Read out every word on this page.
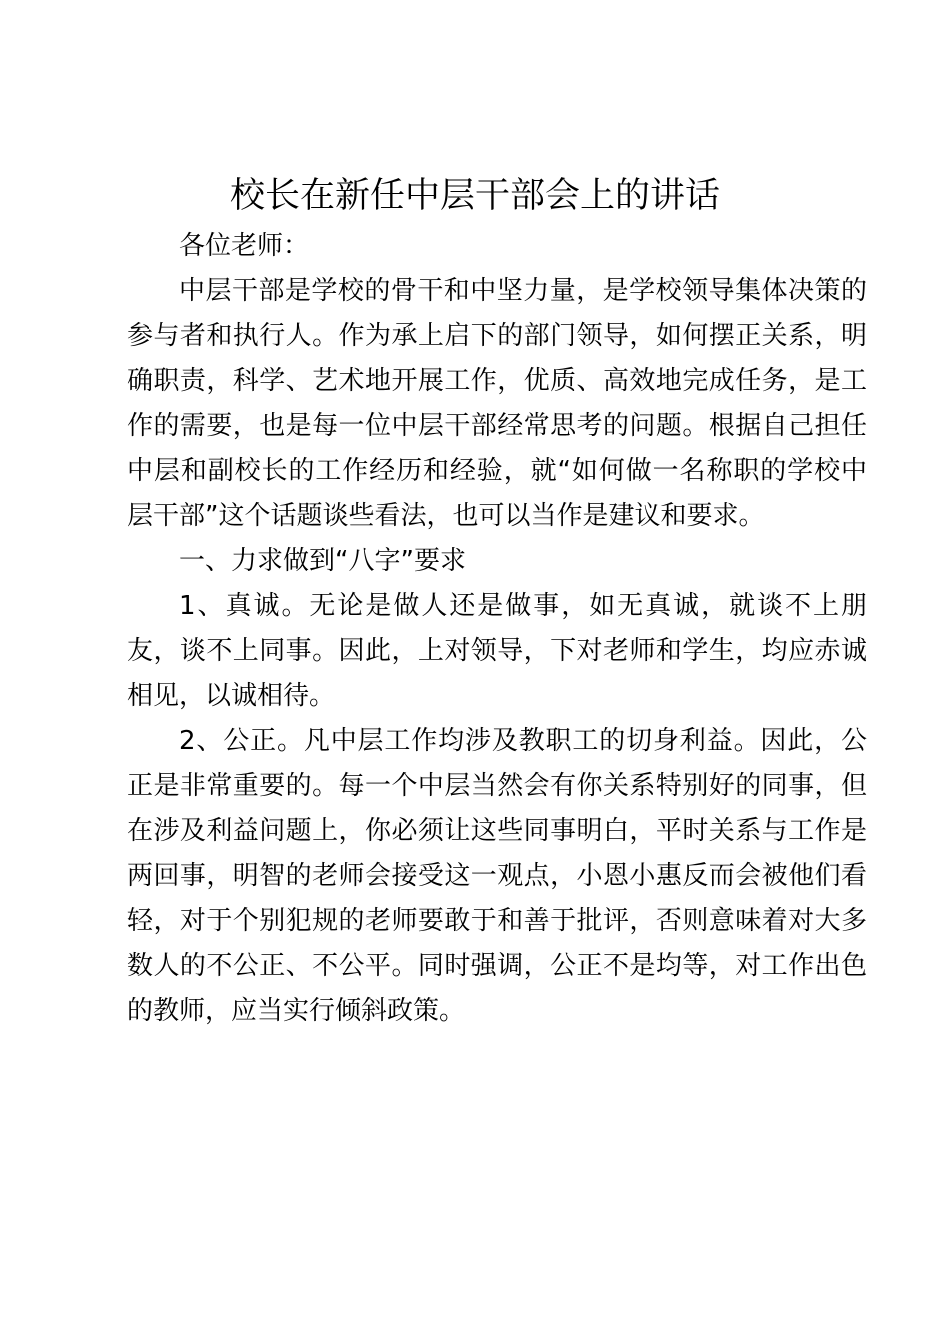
校长在新任中层干部会上的讲话

各位老师：

中层干部是学校的骨干和中坚力量，是学校领导集体决策的参与者和执行人。作为承上启下的部门领导，如何摆正关系，明确职责，科学、艺术地开展工作，优质、高效地完成任务，是工作的需要，也是每一位中层干部经常思考的问题。根据自己担任中层和副校长的工作经历和经验，就“如何做一名称职的学校中层干部”这个话题谈些看法，也可以当作是建议和要求。

一、力求做到“八字”要求

1、真诚。无论是做人还是做事，如无真诚，就谈不上朋友，谈不上同事。因此，上对领导，下对老师和学生，均应赤诚相见，以诚相待。

2、公正。凡中层工作均涉及教职工的切身利益。因此，公正是非常重要的。每一个中层当然会有你关系特别好的同事，但在涉及利益问题上，你必须让这些同事明白，平时关系与工作是两回事，明智的老师会接受这一观点，小恩小惠反而会被他们看轻，对于个别犯规的老师要敢于和善于批评，否则意味着对大多数人的不公正、不公平。同时强调，公正不是均等，对工作出色的教师，应当实行倾斜政策。
